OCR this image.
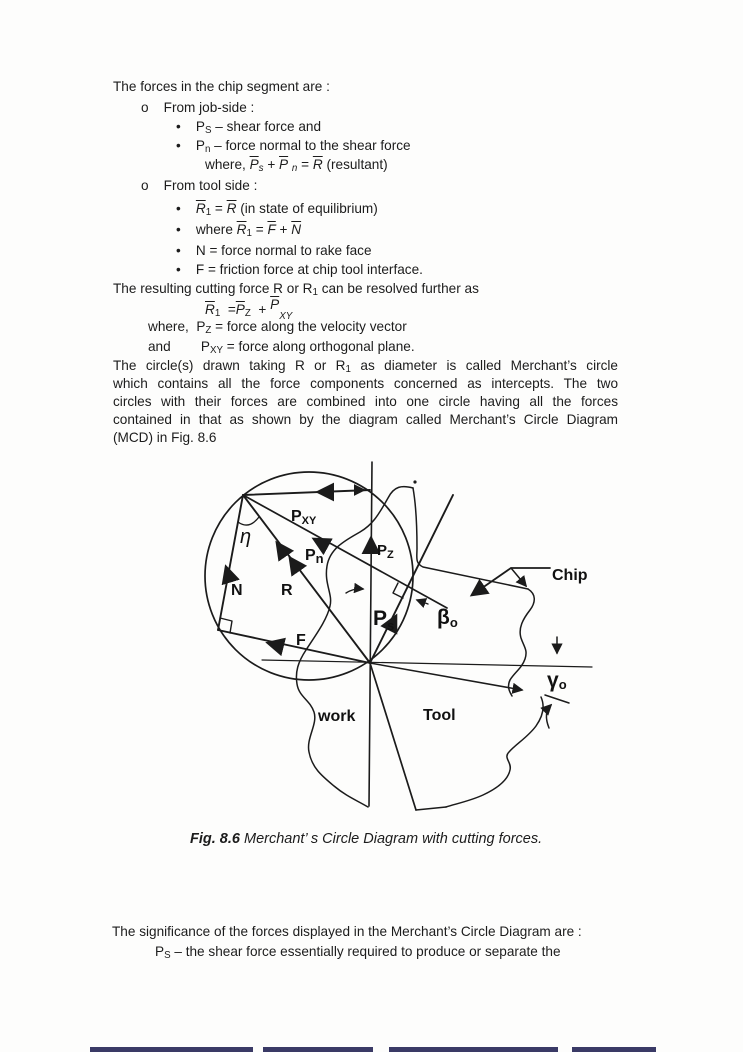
The forces in the chip segment are :
o    From job-side :
•    $P_S$ – shear force and
•    $P_n$ – force normal to the shear force
where, $\overline{P}_s + \overline{P}$ $_n = \overline{R}$ (resultant)
o    From tool side :
•    $\overline{R}_1 = \overline{R}$ (in state of equilibrium)
•    where $\overline{R}_1 = \overline{F} + \overline{N}$
•    N = force normal to rake face
•    F = friction force at chip tool interface.
The resulting cutting force R or $R_1$ can be resolved further as
$\overline{R}_1 =\overline{P}_Z + \overline{P}_{XY}$
where,  $P_Z$ = force along the velocity vector
and        $P_{XY}$ = force along orthogonal plane.
The circle(s) drawn taking R or $R_1$ as diameter is called Merchant’s circle
which contains all the force components concerned as intercepts. The two
circles with their forces are combined into one circle having all the forces
contained in that as shown by the diagram called Merchant’s Circle Diagram
(MCD) in Fig. 8.6
PXY
η
Pn	$P_Z$
N R
$P_s$
F
βo
Chip
γo
work	Tool
Fig. 8.6 Merchant’ s Circle Diagram with cutting forces.
The significance of the forces displayed in the Merchant’s Circle Diagram are :
$P_S$ – the shear force essentially required to produce or separate the
